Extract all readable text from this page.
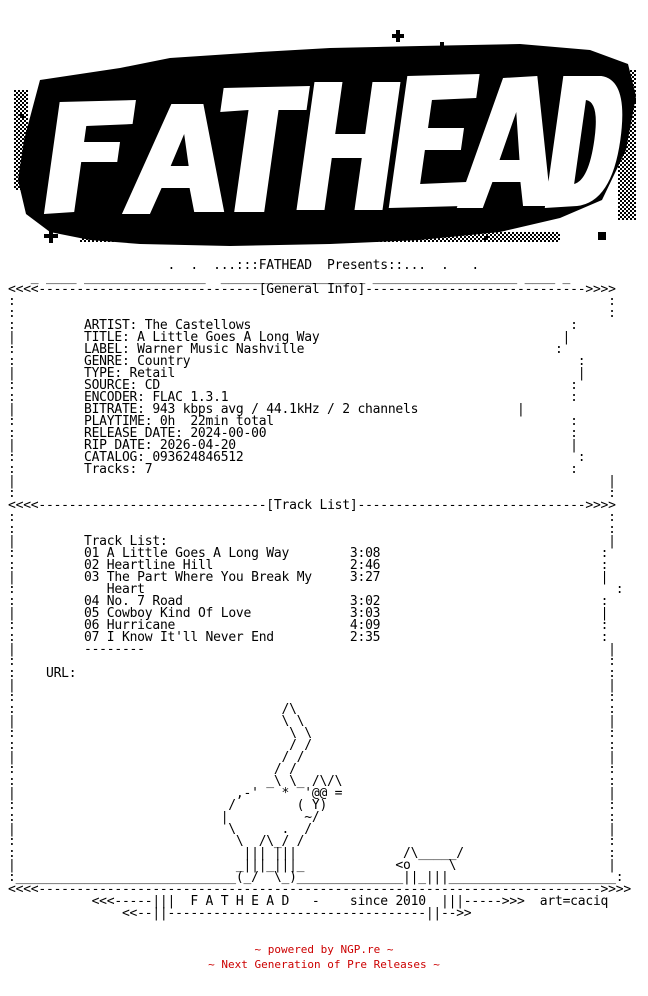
.  .  ...:::FATHEAD  Presents::...  .   .
_ ____ ________________  ___________________ ___________________ ____ _
<<<<-----------------------------[General Info]----------------------------->>>>
:                                                                              :
:                                                                              :
:	ARTIST: The Castellows	:
|	TITLE: A Little Goes A Long Way	|
:	LABEL: Warner Music Nashville	:
:	GENRE: Country	:
|	TYPE: Retail	|
:	SOURCE: CD	:
:	ENCODER: FLAC 1.3.1	:
|	BITRATE: 943 kbps avg / 44.1kHz / 2 channels	|
:	PLAYTIME: 0h  22min total	:
:	RELEASE DATE: 2024-00-00	:
|	RIP DATE: 2026-04-20	|
:	CATALOG: 093624846512	:
:	Tracks: 7	:
|                                                                              |
:                                                                              :
<<<<------------------------------[Track List]------------------------------>>>>
:                                                                              :
:                                                                              :
|	Track List:	|
:	01 A Little Goes A Long Way	3:08	:
:	02 Heartline Hill	2:46	:
|	03 The Part Where You Break My	3:27	|
:	Heart	:
:	04 No. 7 Road	3:02	:
|	05 Cowboy Kind Of Love	3:03	|
:	06 Hurricane	4:09	:
:	07 I Know It'll Never End	2:35	:
|	--------	|
:                                                                              :
:    URL:	:
|                                                                              |
:                                                                              :
:                                   /\                                         :
|                                   \ \                                        |
:                                    \ \                                       :
:                                    / /                                       :
|                                   / /                                        |
:                                  / /                                         :
:                                 _\ \_ /\/\                                   :
|                             ,-'   *  '@@ =                                   |
:                            /        ( Y)                                     :
:                           |          ~/                                      :
|                            \      .  /                                       |
:                             \  /\_/ /                                        :
:                              ||| |||              /\_____/                   :
|                             _|||_|||_            <o     \                    |
:_____________________________(_/  \_)______________||_|||______________________:
<<<<-------------------------------------------------------------------------->>>>
<<<-----|||  F A T H E A D   -    since 2010  |||----->>>  art=caciq
<<--||----------------------------------||-->>
~ powered by NGP.re ~
~ Next Generation of Pre Releases ~
